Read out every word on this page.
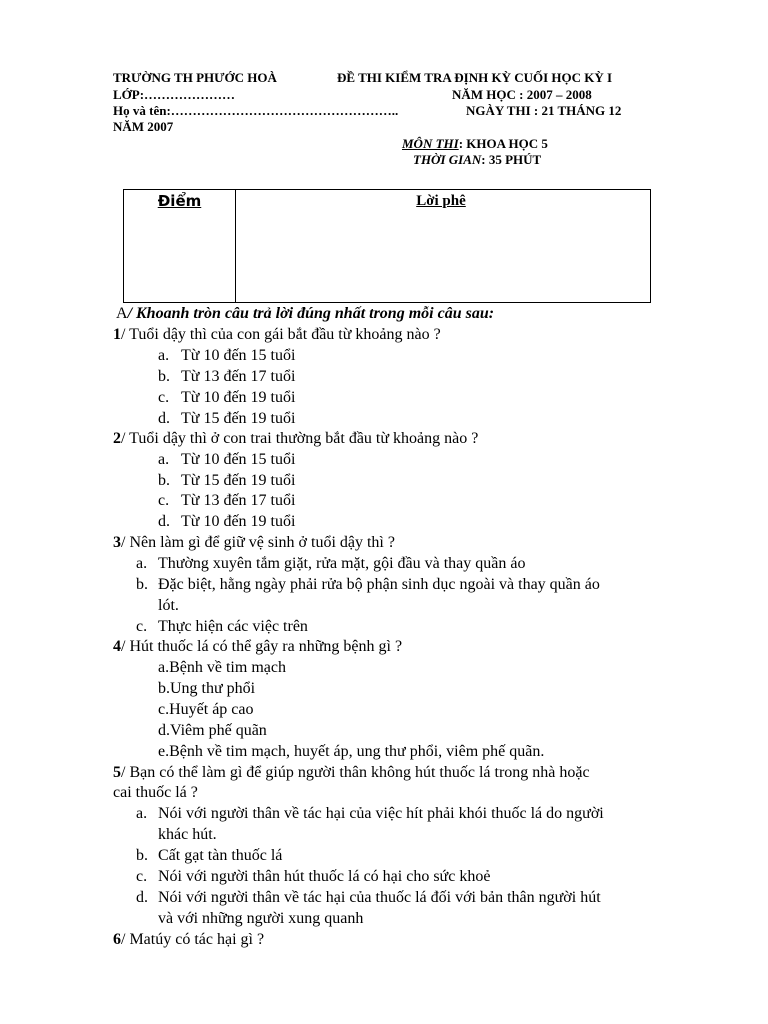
TRƯỜNG TH PHƯỚC HOÀ	ĐỀ THI KIỂM TRA ĐỊNH KỲ CUỐI HỌC KỲ I
LỚP:…………………	NĂM HỌC : 2007 – 2008
Họ và tên:……………………………………………..	NGÀY THI : 21 THÁNG 12
NĂM 2007
MÔN THI: KHOA HỌC 5
THỜI GIAN: 35 PHÚT
Điểm	Lời phê
A/ Khoanh tròn câu trả lời đúng nhất trong mỗi câu sau:
1/ Tuổi dậy thì của con gái bắt đầu từ khoảng nào ?
a. Từ 10 đến 15 tuổi
b. Từ 13 đến 17 tuổi
c. Từ 10 đến 19 tuổi
d. Từ 15 đến 19 tuổi
2/ Tuổi dậy thì ở con trai thường bắt đầu từ khoảng nào ?
a. Từ 10 đến 15 tuổi
b. Từ 15 đến 19 tuổi
c. Từ 13 đến 17 tuổi
d. Từ 10 đến 19 tuổi
3/ Nên làm gì để giữ vệ sinh ở tuổi dậy thì ?
a. Thường xuyên tắm giặt, rửa mặt, gội đầu và thay quần áo
b. Đặc biệt, hằng ngày phải rửa bộ phận sinh dục ngoài và thay quần áo
lót.
c. Thực hiện các việc trên
4/ Hút thuốc lá có thể gây ra những bệnh gì ?
a.Bệnh về tim mạch
b.Ung thư phổi
c.Huyết áp cao
d.Viêm phế quãn
e.Bệnh về tim mạch, huyết áp, ung thư phổi, viêm phế quãn.
5/ Bạn có thể làm gì để giúp người thân không hút thuốc lá trong nhà hoặc
cai thuốc lá ?
a. Nói với người thân về tác hại của việc hít phải khói thuốc lá do người
khác hút.
b. Cất gạt tàn thuốc lá
c. Nói với người thân hút thuốc lá có hại cho sức khoẻ
d. Nói với người thân về tác hại của thuốc lá đối với bản thân người hút
và với những người xung quanh
6/ Matúy có tác hại gì ?
